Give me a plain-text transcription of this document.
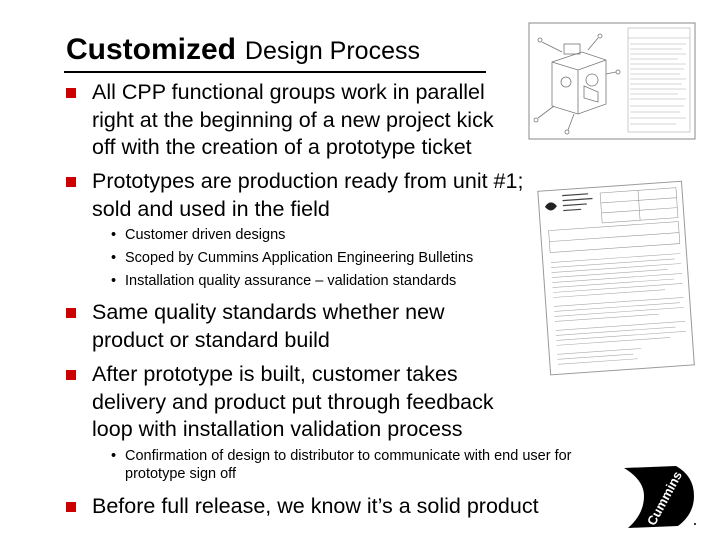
Customized Design Process
All CPP functional groups work in parallel
right at the beginning of a new project kick
off with the creation of a prototype ticket
Prototypes are production ready from unit #1;
sold and used in the field
• Customer driven designs
• Scoped by Cummins Application Engineering Bulletins
• Installation quality assurance – validation standards
Same quality standards whether new
product or standard build
After prototype is built, customer takes
delivery and product put through feedback
loop with installation validation process
• Confirmation of design to distributor to communicate with end user for
prototype sign off
Before full release, we know it’s a solid product	Cummins
